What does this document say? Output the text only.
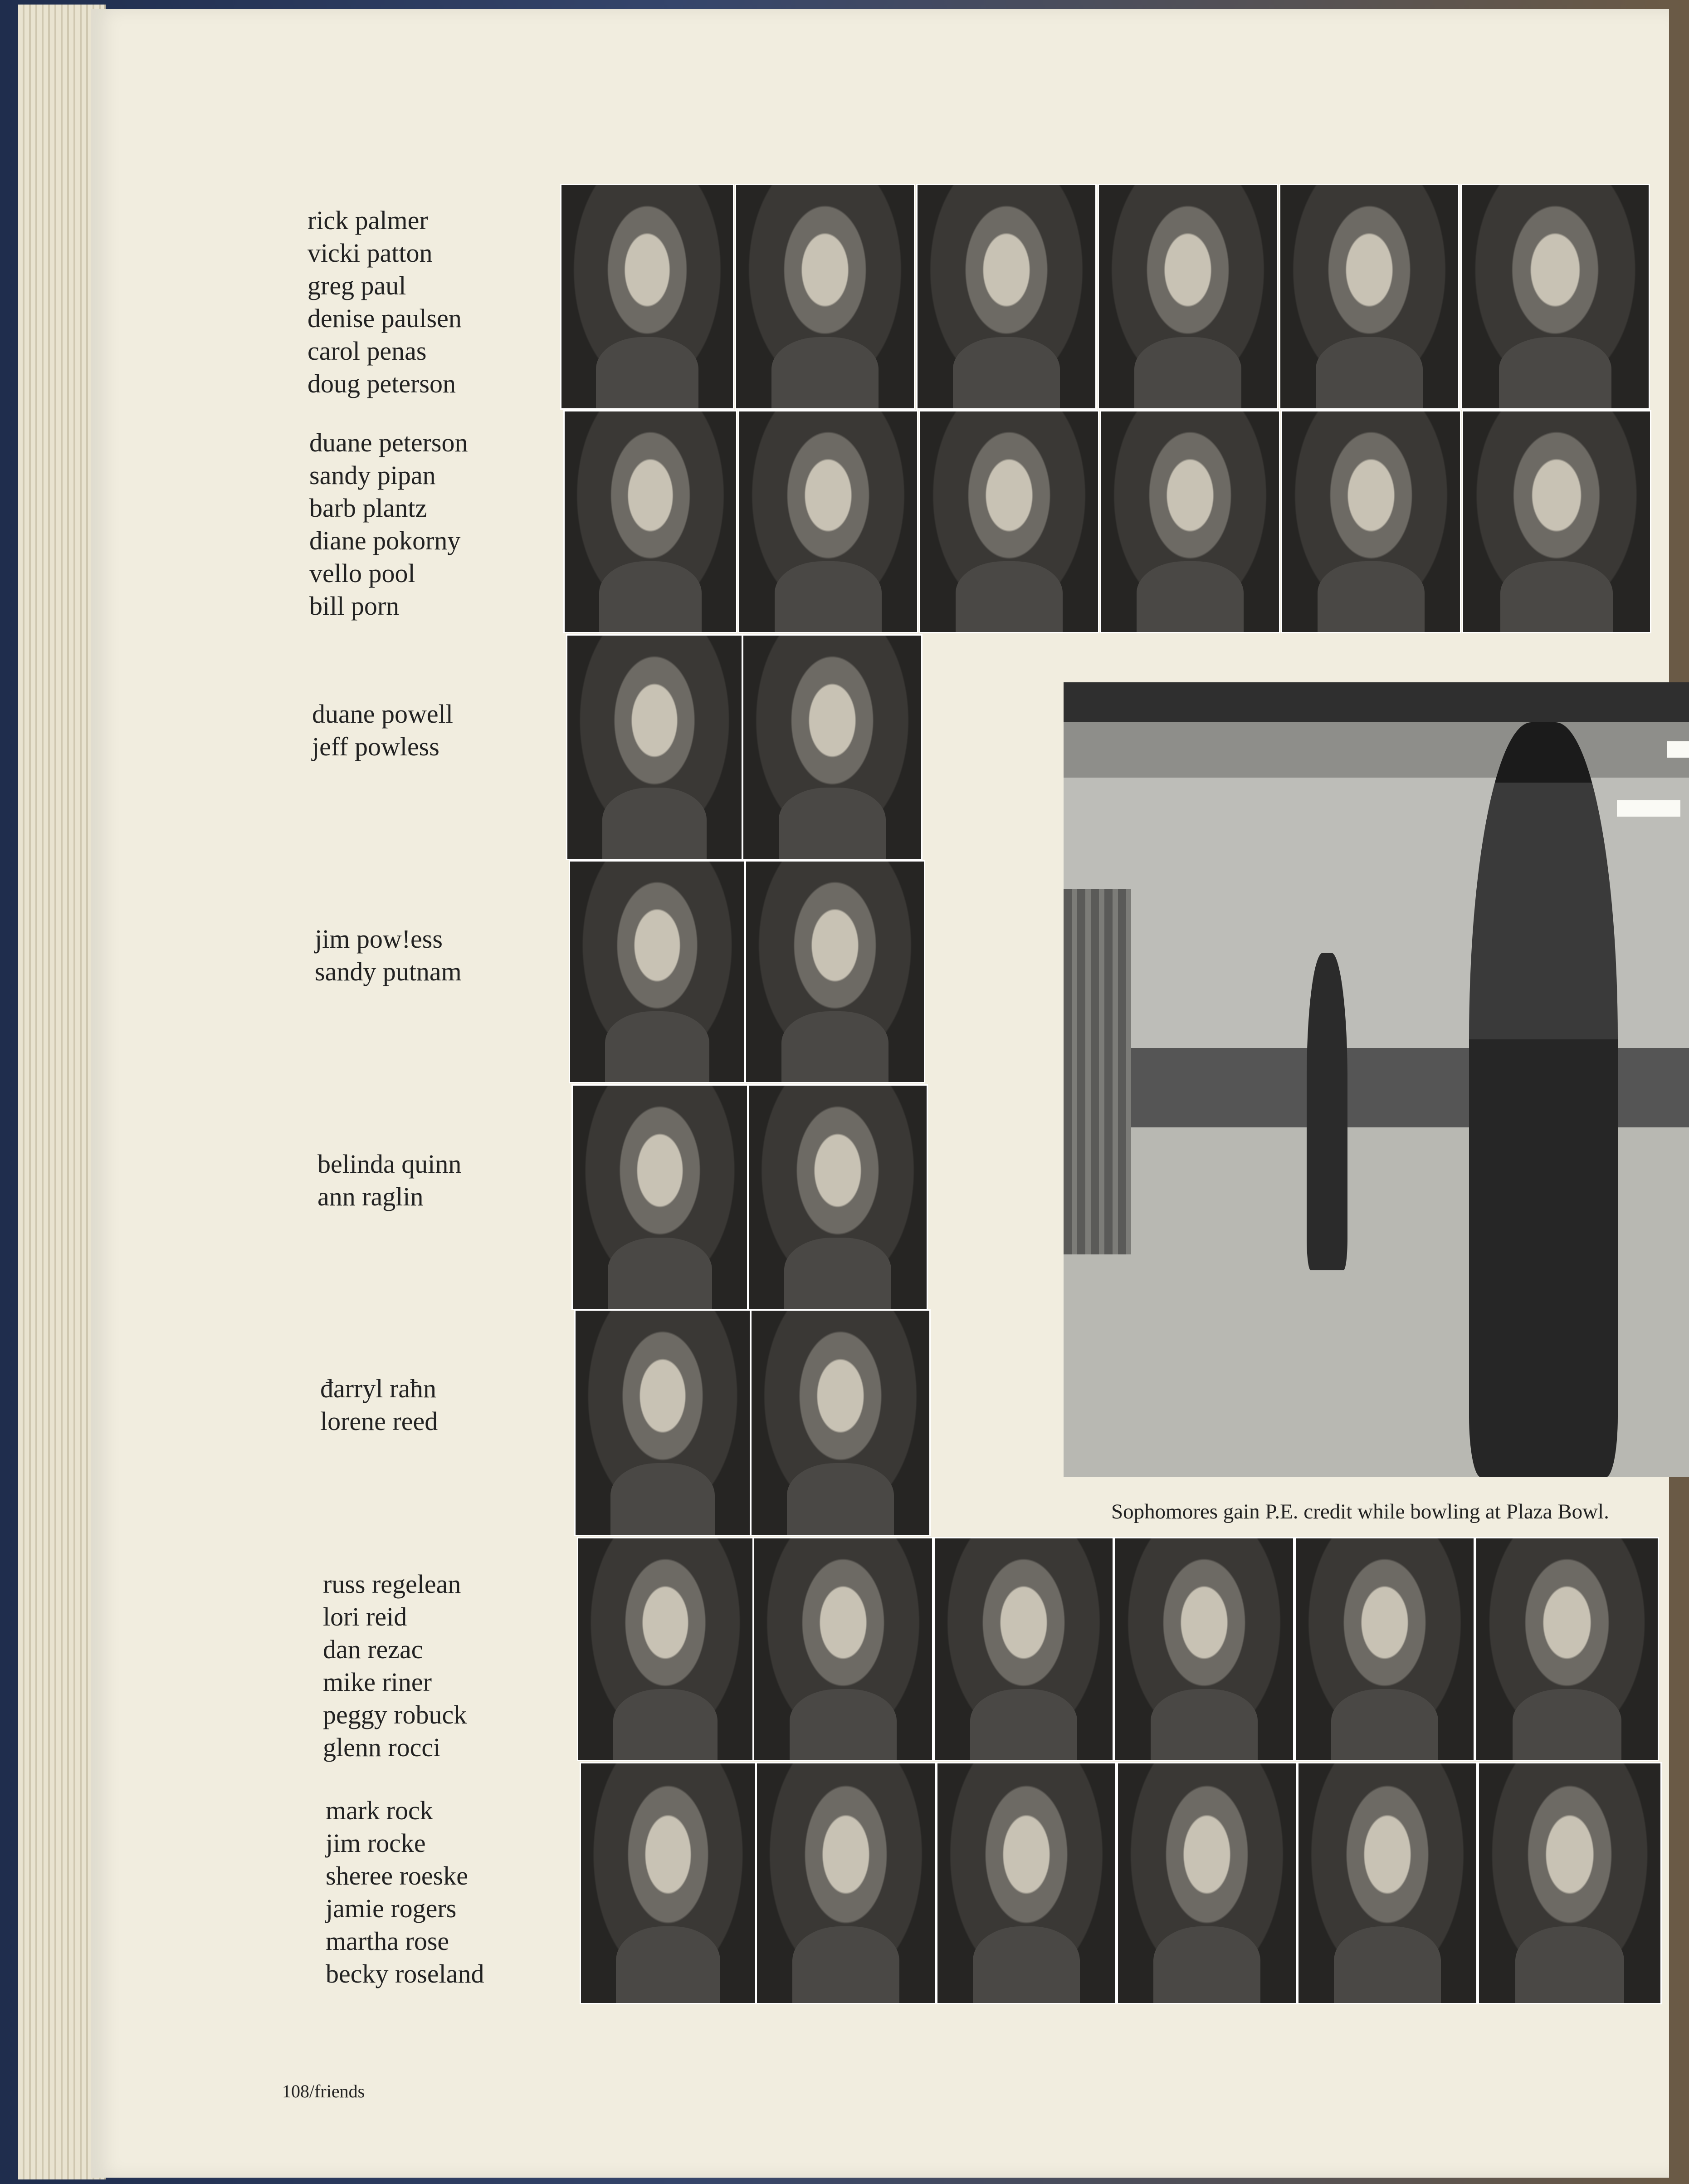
rick palmer
vicki patton
greg paul
denise paulsen
carol penas
doug peterson
duane peterson
sandy pipan
barb plantz
diane pokorny
vello pool
bill porn
duane powell
jeff powless
jim pow!ess
sandy putnam
belinda quinn
ann raglin
đarryl raћn
lorene reed
russ regelean
lori reid
dan rezac
mike riner
peggy robuck
glenn rocci
mark rock
jim rocke
sheree roeske
jamie rogers
martha rose
becky roseland
Sophomores gain P.E. credit while bowling at Plaza Bowl.
108/friends
